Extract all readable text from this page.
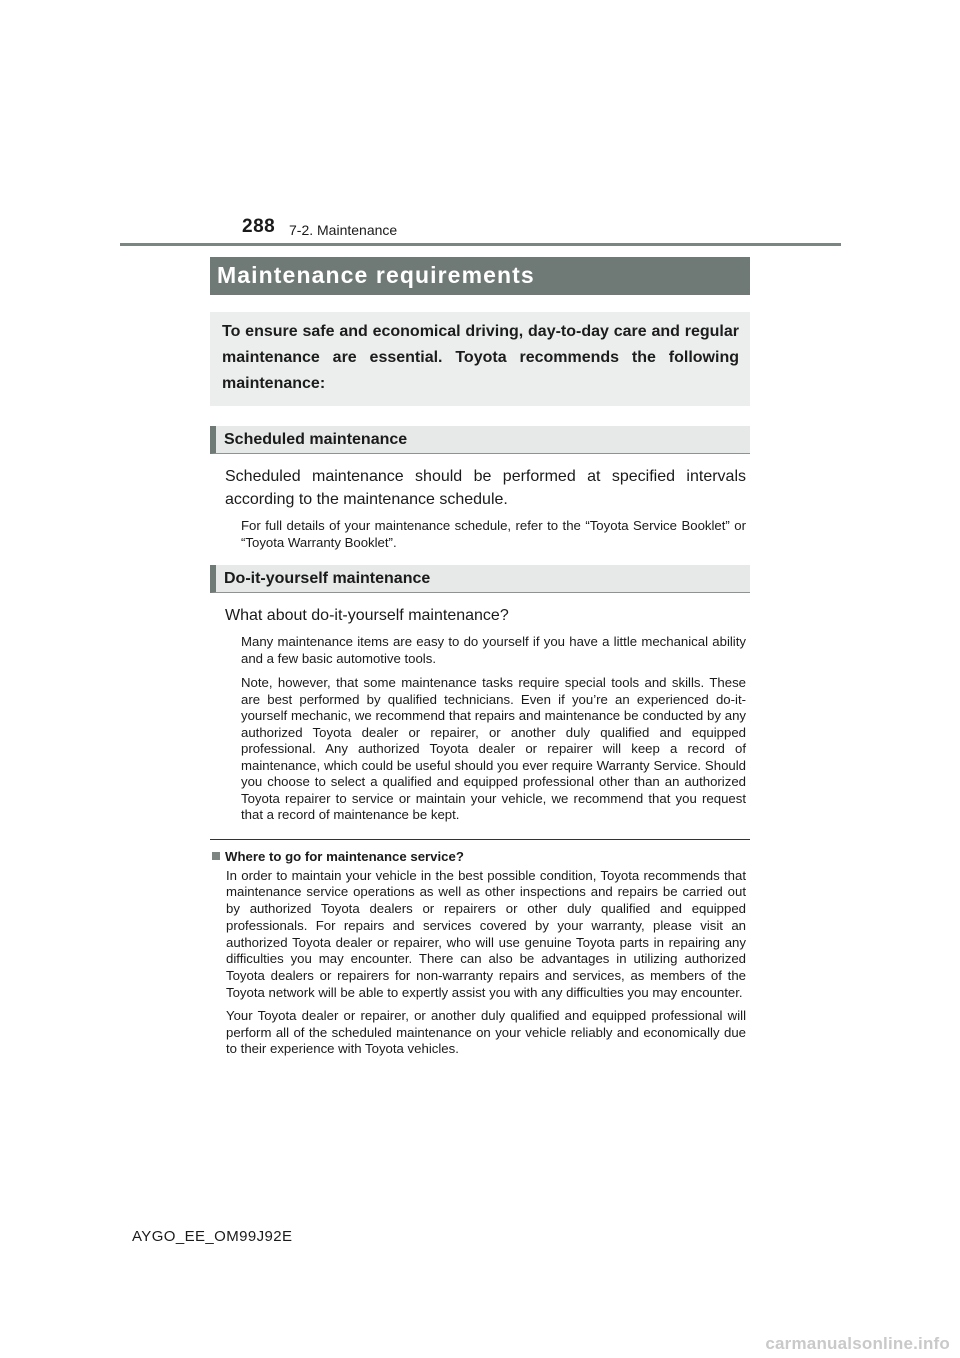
288 7-2. Maintenance
Maintenance requirements
To ensure safe and economical driving, day-to-day care and regular maintenance are essential. Toyota recommends the following maintenance:
Scheduled maintenance
Scheduled maintenance should be performed at specified intervals according to the maintenance schedule.
For full details of your maintenance schedule, refer to the “Toyota Service Booklet” or “Toyota Warranty Booklet”.
Do-it-yourself maintenance
What about do-it-yourself maintenance?
Many maintenance items are easy to do yourself if you have a little mechanical ability and a few basic automotive tools.
Note, however, that some maintenance tasks require special tools and skills. These are best performed by qualified technicians. Even if you’re an experienced do-it-yourself mechanic, we recommend that repairs and maintenance be conducted by any authorized Toyota dealer or repairer, or another duly qualified and equipped professional. Any authorized Toyota dealer or repairer will keep a record of maintenance, which could be useful should you ever require Warranty Service. Should you choose to select a qualified and equipped professional other than an authorized Toyota repairer to service or maintain your vehicle, we recommend that you request that a record of maintenance be kept.
Where to go for maintenance service?
In order to maintain your vehicle in the best possible condition, Toyota recommends that maintenance service operations as well as other inspections and repairs be carried out by authorized Toyota dealers or repairers or other duly qualified and equipped professionals. For repairs and services covered by your warranty, please visit an authorized Toyota dealer or repairer, who will use genuine Toyota parts in repairing any difficulties you may encounter. There can also be advantages in utilizing authorized Toyota dealers or repairers for non-warranty repairs and services, as members of the Toyota network will be able to expertly assist you with any difficulties you may encounter.
Your Toyota dealer or repairer, or another duly qualified and equipped professional will perform all of the scheduled maintenance on your vehicle reliably and economically due to their experience with Toyota vehicles.
AYGO_EE_OM99J92E
carmanualsonline.info
